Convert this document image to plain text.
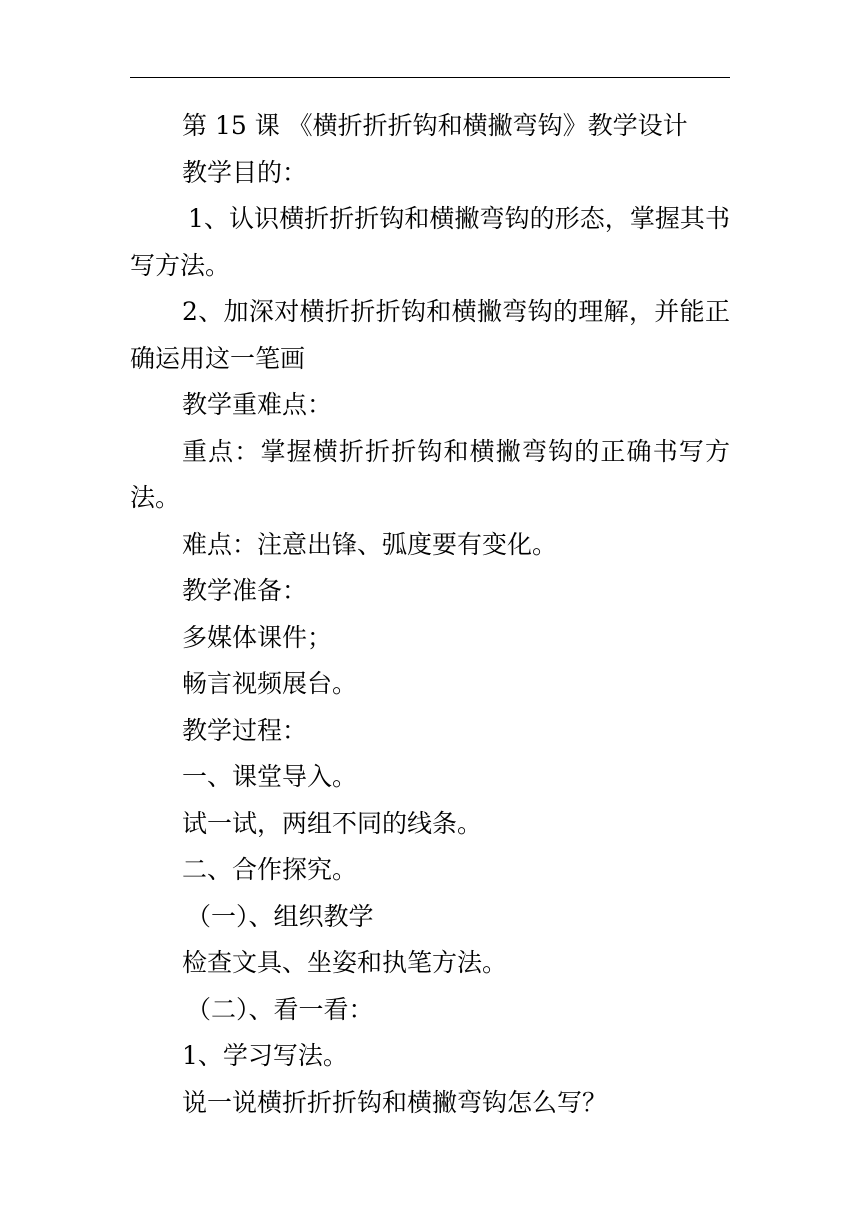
第 15 课 《横折折折钩和横撇弯钩》教学设计

教学目的：

1、认识横折折折钩和横撇弯钩的形态，掌握其书写方法。

2、加深对横折折折钩和横撇弯钩的理解，并能正确运用这一笔画

教学重难点：

重点：掌握横折折折钩和横撇弯钩的正确书写方法。

难点：注意出锋、弧度要有变化。

教学准备：

多媒体课件；

畅言视频展台。

教学过程：

一、课堂导入。

试一试，两组不同的线条。

二、合作探究。

（一）、组织教学

检查文具、坐姿和执笔方法。

（二）、看一看：

1、学习写法。

说一说横折折折钩和横撇弯钩怎么写？
